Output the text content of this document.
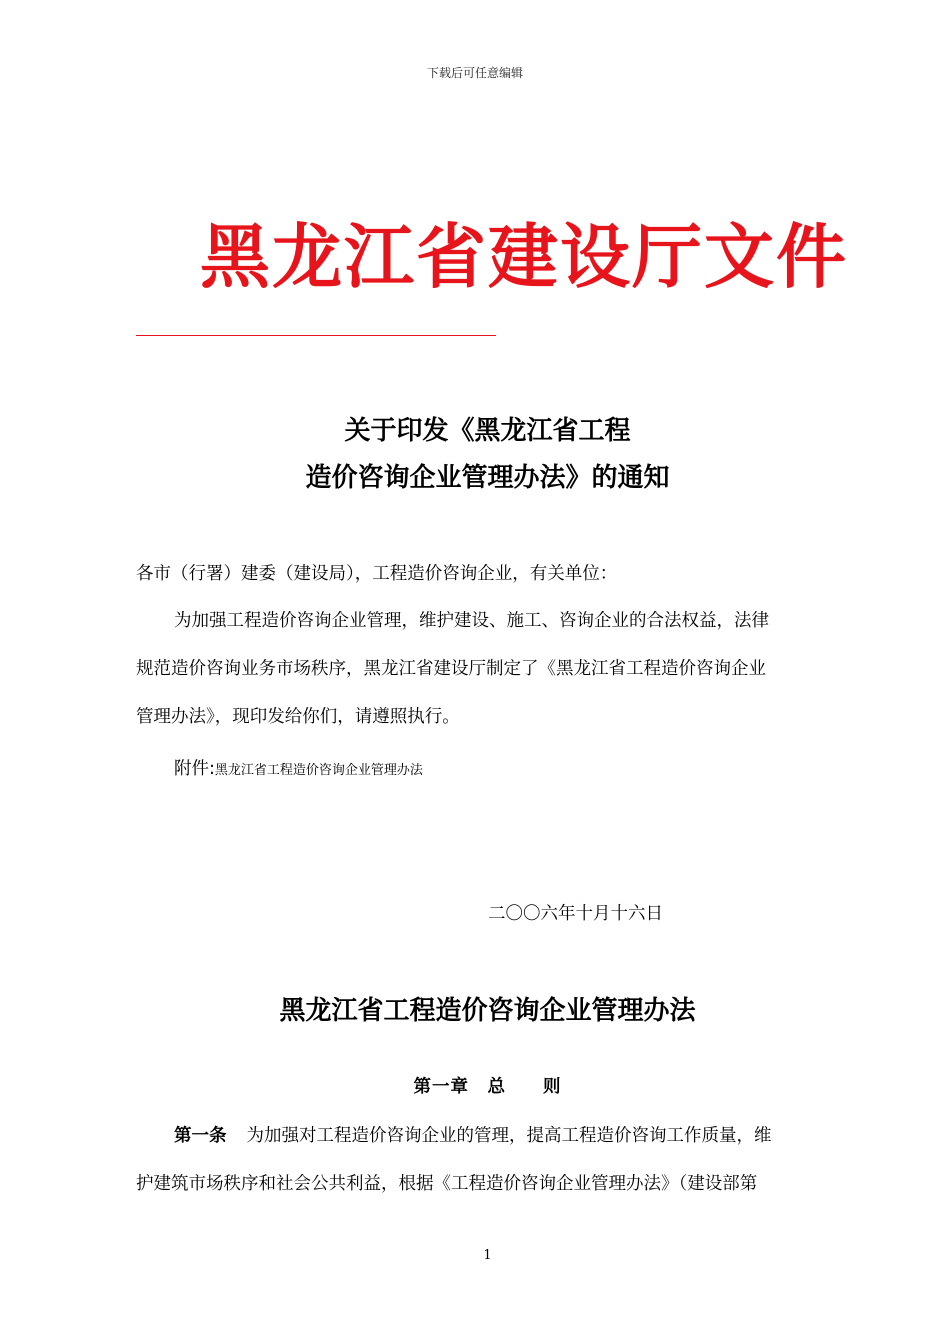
下载后可任意编辑
黑龙江省建设厅文件
关于印发《黑龙江省工程
造价咨询企业管理办法》的通知
各市（行署）建委（建设局），工程造价咨询企业，有关单位：
为加强工程造价咨询企业管理，维护建设、施工、咨询企业的合法权益，法律
规范造价咨询业务市场秩序，黑龙江省建设厅制定了《黑龙江省工程造价咨询企业
管理办法》，现印发给你们，请遵照执行。
附件:黑龙江省工程造价咨询企业管理办法
二〇〇六年十月十六日
黑龙江省工程造价咨询企业管理办法
第一章　总　　则
第一条 为加强对工程造价咨询企业的管理，提高工程造价咨询工作质量，维
护建筑市场秩序和社会公共利益，根据《工程造价咨询企业管理办法》（建设部第
1
